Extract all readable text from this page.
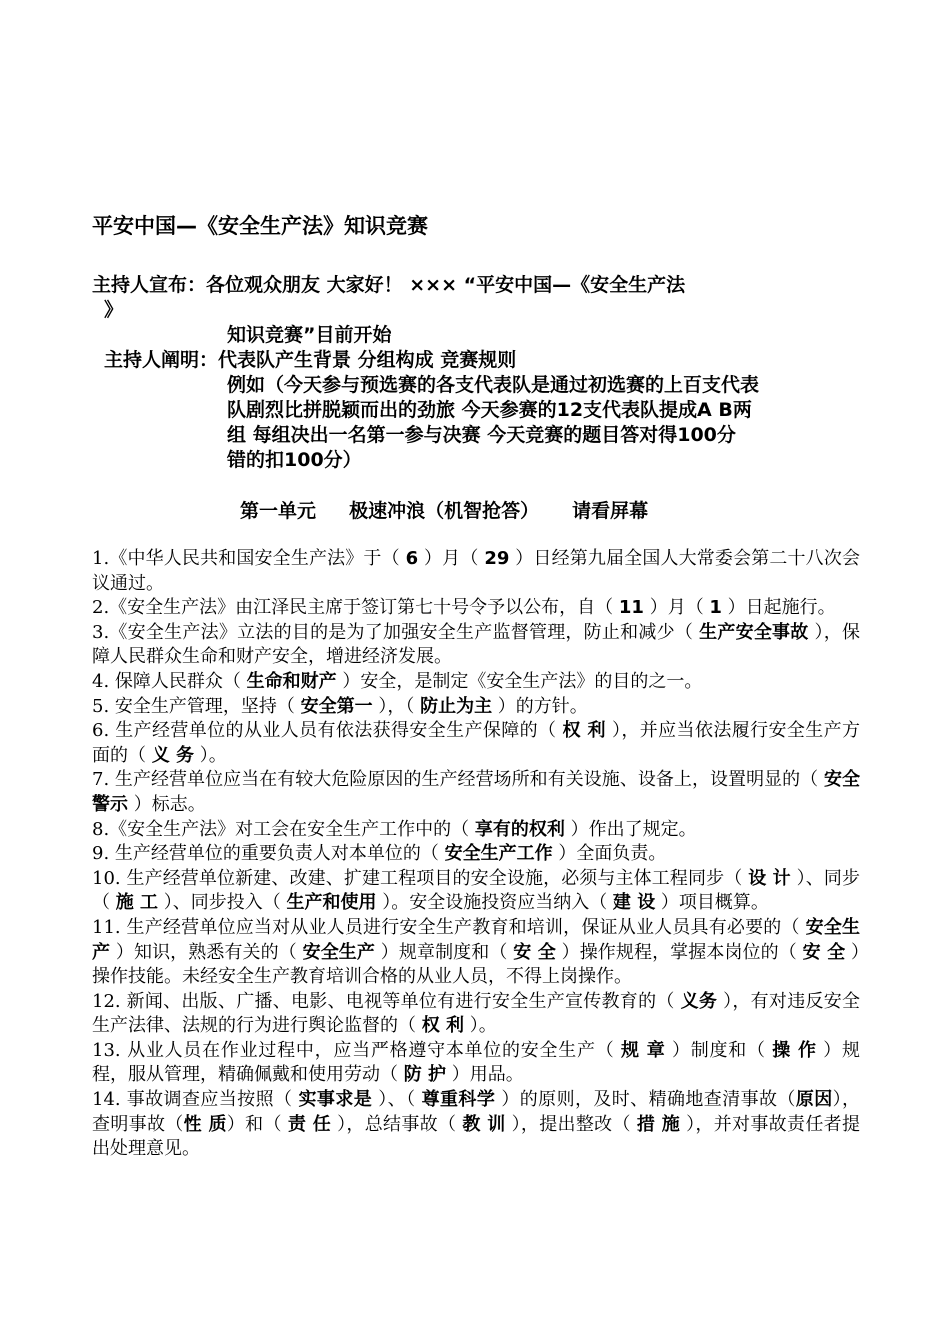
平安中国—《安全生产法》知识竞赛
主持人宣布：各位观众朋友 大家好！ ××× “平安中国—《安全生产法
》
知识竞赛”目前开始
主持人阐明：代表队产生背景 分组构成 竞赛规则
例如（今天参与预选赛的各支代表队是通过初选赛的上百支代表
队剧烈比拼脱颖而出的劲旅 今天参赛的12支代表队提成A B两
组 每组决出一名第一参与决赛 今天竞赛的题目答对得100分
错的扣100分）
第一单元     极速冲浪（机智抢答）     请看屏幕

1.《中华人民共和国安全生产法》于（ 6 ）月（ 29 ）日经第九届全国人大常委会第二十八次会议通过。

2.《安全生产法》由江泽民主席于签订第七十号令予以公布，自（ 11 ）月（ 1 ）日起施行。

3.《安全生产法》立法的目的是为了加强安全生产监督管理，防止和减少（ 生产安全事故 ），保障人民群众生命和财产安全，增进经济发展。

4. 保障人民群众（ 生命和财产 ）安全，是制定《安全生产法》的目的之一。

5. 安全生产管理，坚持（ 安全第一 ），（ 防止为主 ）的方针。

6. 生产经营单位的从业人员有依法获得安全生产保障的（ 权 利 ），并应当依法履行安全生产方面的（ 义 务 ）。

7. 生产经营单位应当在有较大危险原因的生产经营场所和有关设施、设备上，设置明显的（ 安全警示 ）标志。

8.《安全生产法》对工会在安全生产工作中的（ 享有的权利 ）作出了规定。

9. 生产经营单位的重要负责人对本单位的（ 安全生产工作 ）全面负责。

10. 生产经营单位新建、改建、扩建工程项目的安全设施，必须与主体工程同步（ 设 计 ）、同步（ 施 工 ）、同步投入（ 生产和使用 ）。安全设施投资应当纳入（ 建 设 ）项目概算。

11. 生产经营单位应当对从业人员进行安全生产教育和培训，保证从业人员具有必要的（ 安全生产 ）知识，熟悉有关的（ 安全生产 ）规章制度和（ 安 全 ）操作规程，掌握本岗位的（ 安 全 ）操作技能。未经安全生产教育培训合格的从业人员，不得上岗操作。

12. 新闻、出版、广播、电影、电视等单位有进行安全生产宣传教育的（ 义务 ），有对违反安全生产法律、法规的行为进行舆论监督的（ 权 利 ）。

13. 从业人员在作业过程中，应当严格遵守本单位的安全生产（ 规 章 ）制度和（ 操 作 ）规程，服从管理，精确佩戴和使用劳动（ 防 护 ）用品。

14. 事故调查应当按照（ 实事求是 ）、（ 尊重科学 ）的原则，及时、精确地查清事故（原因），查明事故（性 质）和（ 责 任 ），总结事故（ 教 训 ），提出整改（ 措 施 ），并对事故责任者提出处理意见。
